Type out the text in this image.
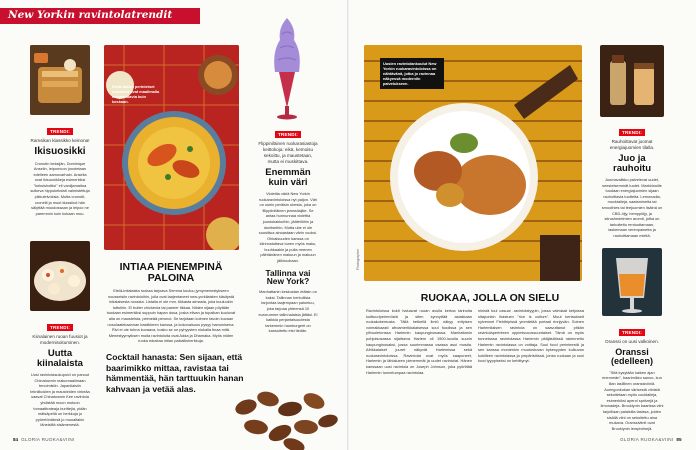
New Yorkin ravintolatrendit
TRENDI:
Ramsikan klassikko keinona!
Ikisuosikki
Cronutin keksijän, Dominique Anselin, leipomoon jonotetaan edelleen aamuvarhain. Anselia ovat ikisuosikkeja esimerkiksi "keksishottisi" eli vaniljamaitoa sulkeva hippukeksisti valmistettuja pikkuleivoksia. Mutta cronutit, cronelit ja muut klassikot hän sälyttää muodossaan ja leipoo ne paremmin kuin kukaan muu.
TRENDI:
Kiinalainen ruoan fuusiot ja modernisoituminen.
Uutta kiinalaista
Uusi ravintolasukupolvi on panout Chinatownin makumaailmaan tenoimistin. Japanilaisiin tekniikoiden ja mausteiden virkeäa saavat Chinatownin Kee ravintola yhdistää moon mutoon tomaattirateaja burittejia, pidän mätsäpeliä on herkkuja jo pyöretöntänsä jo muualtakin läheisiltä sisämenestä.
Etelä-Italian perinteiset mausteet ovat maailmalla esitystuttavia kuin koskaan.
INTIAA PIENEMPINÄ PALOINA
Etelä-intialaista ruokaa tarjoava Semma kuuluu jymymenestykseen nousseisiin ravintoloihin, jolla ovat laajentaneet new-yorkilaisten käsitystä intialaisesta ruoasta. Listalla ei ole mm. tikkasta aimasta, joka kuuluukin tuttuihin. El butter chickenia tai paneer tikkaa. Niiden sijaan pöytään tuodaan esimerkiksi suppuin hapan dosa, joska elivan ja tupaikan kuuluvat alla on mausteista, pelmeää perunoi. Se tarjotaan kolmen tavoin kuvaan nosolaatekaannan kastikkeen kanssa, ja kokonaisuus pysyy hamonisena. Rivi ei ole tuhna kuvaava, kosko se on pyhyysten niukalla tinaa mitä. Menestyymyiksen muita ravintoloita ovat Adda ja Dhamaka. Myös niiden ruoka edustaa intian paikallisherkkuja.
Cocktail hanasta: Sen sijaan, että baarimikko mittaa, ravistaa tai hämmentää, hän tarttuukin hanan kahvaan ja vetää alas.
TRENDI:
Flippiniläinen ruokarasiastoja keittokoja: eikä, kemoisu sekoittu, ja maustetaan, mutta ei muskittava.
Enemmän kuin väri
Violettia väriä New Yorkin ruokaravintoloissa nyt paljon. Väri on usein peräisin ubesta, joka on filippiiniläinen jamssilajike. Se antaa hunnunnaa violettia juustokakkuihin, jäätelöihin ja donitseihin. Mutta ube ei ole suosittua ainoastaan värin vuoksi. Ohkaisuuden kanssa on kiinnostuttava tunen myös maku, huuhkaakin ja pulla rmenen päihtänänen makuun ja makuun jälkiruokaan.
Tallinna vai New York?
Manhattanin keskustan etäisin on kaksi. Tallinnan herkullisia tarjontaa laajempaan palontuu, joka tarjoaa yhteensä 10 eurorumme tallinnalaisia jättäsi. Ei kaikkia perjantaisuudesta tarkemmin hamburgerit on kansoitettu etsi tiedän.
84 GLORIA RUOKA&VIINI
Uusien ravintolankoulut New Yorkin ruokaravintoloissa on nähtävänä, jotka jo ravinnaa näkyessä moderniin palvelukseen.
Photographer
RUOKAA, JOLLA ON SIELU
Ravintoloissa kokit haluavat ruoan avulla kertoa tarinoita kulttuuriperinnöstä ja siten synnyttää asiakkaan ruokakokemusta. Tällä hetkellä ilmiö näkyy erityisen voimakkaasti afroamerikkalaisessa soul foodissa ja sen ylihuoletonssa Harlemin kaupunginosassa. Manhattanin pohjoisosassa sijaitseva Harlem oli 1900-luvulla suurin kaupunginosaksi, jossa suurimmassa osassa asui mustia. Afrikkalaiset juuret näkyvät Harlemissa sekä ruokaravintoloissa. Ravintolat ovat myös saapuneet, Harlemin ja lähialueen pienemmät ja uudet ravintolat. Hänen kanssaan uusi ravintola on Joseph Johnson, joka pyörittää Harlemin tunnetumpaa ravintolaa.
ninistä tuul casual -ravintolatyypin, jossa valmiaat ketjuissa sitaponkin ihastuen "rice is culture". Muut kertaukseit sylvennei Fieldtripissä ymmärtää portaat rinnjyvän. Soinen Harlemilaisen ravintola on saavuttanut pitkän ravintolaperinteen oppimisvuossuuntaiset. Tämä on myös tunnetussa ravintolassa Harlemin pitäjästöissä rakennettu Harlemin ravintolassa on voittaja. Soul food perinteestä ja sen kanssa monienkin muutostuvan kykesyyden kulkuvan kokilleen ravintolassa ja ympäristössä, jonka ruokaan ja soul food tyyppiseksi on kehittynyt.
TRENDI:
Rauhoittavat juomat energiajuomien tilalla.
Juo ja rauhoitu
Juomavalikko palvelevat uudet, seesteisemmät tuotet. Markkinoille tuodaan energiajuomien sijaan rauhoittavia tuotteita. Lemonadia, mocktaileja, saatamineita tai smoothies tai teejuomien lisäinä on CBD-öljy, hemppöljy, ja sitrushedelmien aromit, jotka on tarkoitettu rentouttamaan, laskemaan verenpainetta ja rauhoittamaan mieltä.
TRENDI:
Oranssi on uusi valkoinen.
Oranssi (edelleen)
"Sitä kysytään kaiken ajan enemmän", baarimikko sanoo, kun illan lasillinen oranssiviiniä. Auringonkukan värisestä viinistä sekoitetaan myös cocktaileja, esimerkiksi aperol spritzejä ja limonadeja. Brooklynin baarissa viini tarjoillaan palaisilla lasissa, joiden sisällä viini on sekoitettu aina mukana. Oranssiviinit ovat Brooklynin lempiviinejä.
GLORIA RUOKA&VIINI 85
